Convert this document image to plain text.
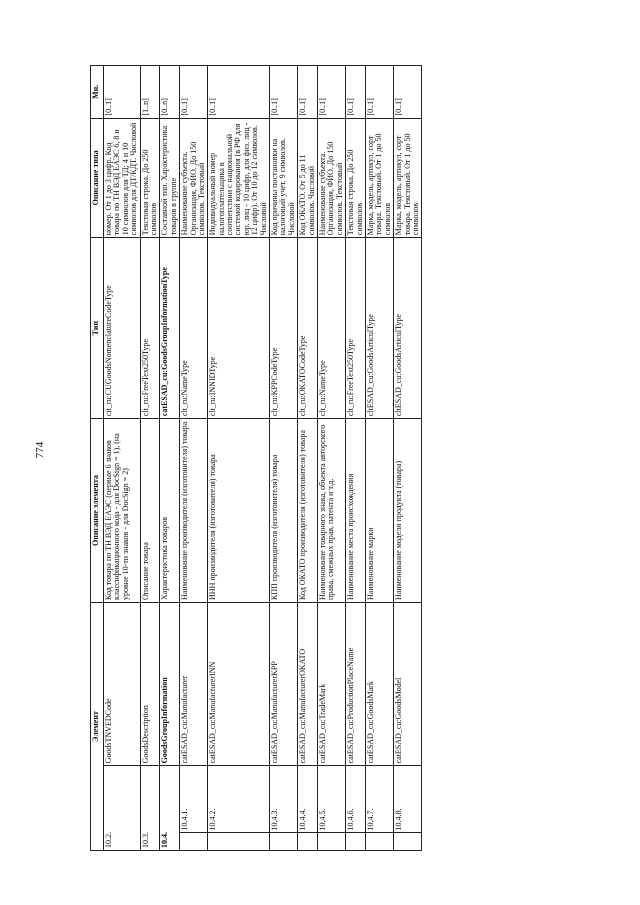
774
Элемент			Описание элемента	Тип	Описание типа	Мн.
10.2.		GoodsTNVEDCode	Код товара по ТН ВЭД ЕАЭС (первые 6 знаков классификационного кода - для DocSign = 1), (на уровне 10-ти знаков - для DocSign = 2)	cit_ru:CUGoodsNomenclatureCodeType	номер. От 1 до 3 цифр. Код товара по ТН ВЭД ЕАЭС 6, 8 и 10 символов для ТД; 4 и 10 символов для ДТ/КДТ. Числовой	[0..1]
10.3.		GoodsDescription	Описание товара	clt_ru:FreeText250Type	Текстовая строка. До 250 символов	[1..n]
10.4.		GoodsGroupInformation	Характеристика товаров	catESAD_cu:GoodsGroupInformationType	Составной тип. Характеристика товаров в группе	[0..n]
	10.4.1.	catESAD_cu:Manufacturer	Наименование производителя (изготовителя) товара	clt_ru:NameType	Наименование субъекта. Организация, ФИО. До 150 символов. Текстовый	[0..1]
	10.4.2.	catESAD_cu:ManufacturerINN	ИНН производителя (изготовителя) товара	clt_ru:INNIDType	Индивидуальный номер налогоплательщика в соответствии с национальной системой кодирования (в РФ для юр. лиц - 10 цифр, для физ. лиц - 12 цифр). От 10 до 12 символов. Числовой	[0..1]
	10.4.3.	catESAD_cu:ManufacturerKPP	КПП производителя (изготовителя) товара	clt_ru:KPPCodeType	Код причины постановки на налоговый учет. 9 символов. Числовой	[0..1]
	10.4.4.	catESAD_cu:ManufacturerOKATO	Код ОКАТО производителя (изготовителя) товара	clt_ru:OKATOCodeType	Код ОКАТО. От 5 до 11 символов. Числовой	[0..1]
	10.4.5.	catESAD_cu:TradeMark	Наименование товарного знака, объекта авторского права, смежных прав, патента и т.д.	clt_ru:NameType	Наименование субъекта. Организация, ФИО. До 150 символов. Текстовый	[0..1]
	10.4.6.	catESAD_cu:ProductionPlaceName	Наименование места происхождения	clt_ru:FreeText250Type	Текстовая строка. До 250 символов	[0..1]
	10.4.7.	catESAD_cu:GoodsMark	Наименование марки	cltESAD_cu:GoodsArticulType	Марка, модель, артикул, сорт товара. Текстовый. От 1 до 50 символов	[0..1]
	10.4.8.	catESAD_cu:GoodsModel	Наименование модели продукта (товара)	cltESAD_cu:GoodsArticulType	Марка, модель, артикул, сорт товара. Текстовый. От 1 до 50 символов	[0..1]
